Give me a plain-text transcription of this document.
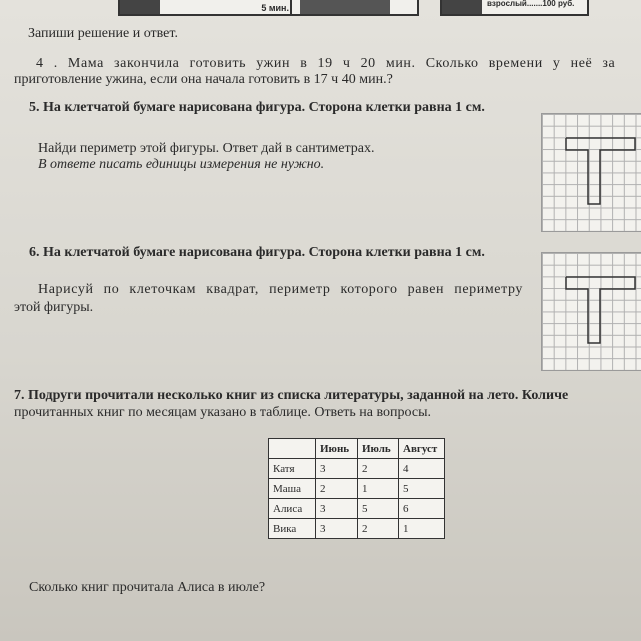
5 мин.	взрослый.......100 руб.
Запиши решение и ответ.
4 . Мама закончила готовить ужин в 19 ч 20 мин. Сколько времени у неё за
приготовление ужина, если она начала готовить в 17 ч 40 мин.?
5. На клетчатой бумаге нарисована фигура. Сторона клетки равна 1 см.
Найди периметр этой фигуры. Ответ дай в сантиметрах.
В ответе писать единицы измерения не нужно.
6. На клетчатой бумаге нарисована фигура. Сторона клетки равна 1 см.
Нарисуй по клеточкам квадрат, периметр которого равен периметру
этой фигуры.
7. Подруги прочитали несколько книг из списка литературы, заданной на лето. Количе
прочитанных книг по месяцам указано в таблице. Ответь на вопросы.
	Июнь	Июль	Август
Катя	3	2	4
Маша	2	1	5
Алиса	3	5	6
Вика	3	2	1
Сколько книг прочитала Алиса в июле?
